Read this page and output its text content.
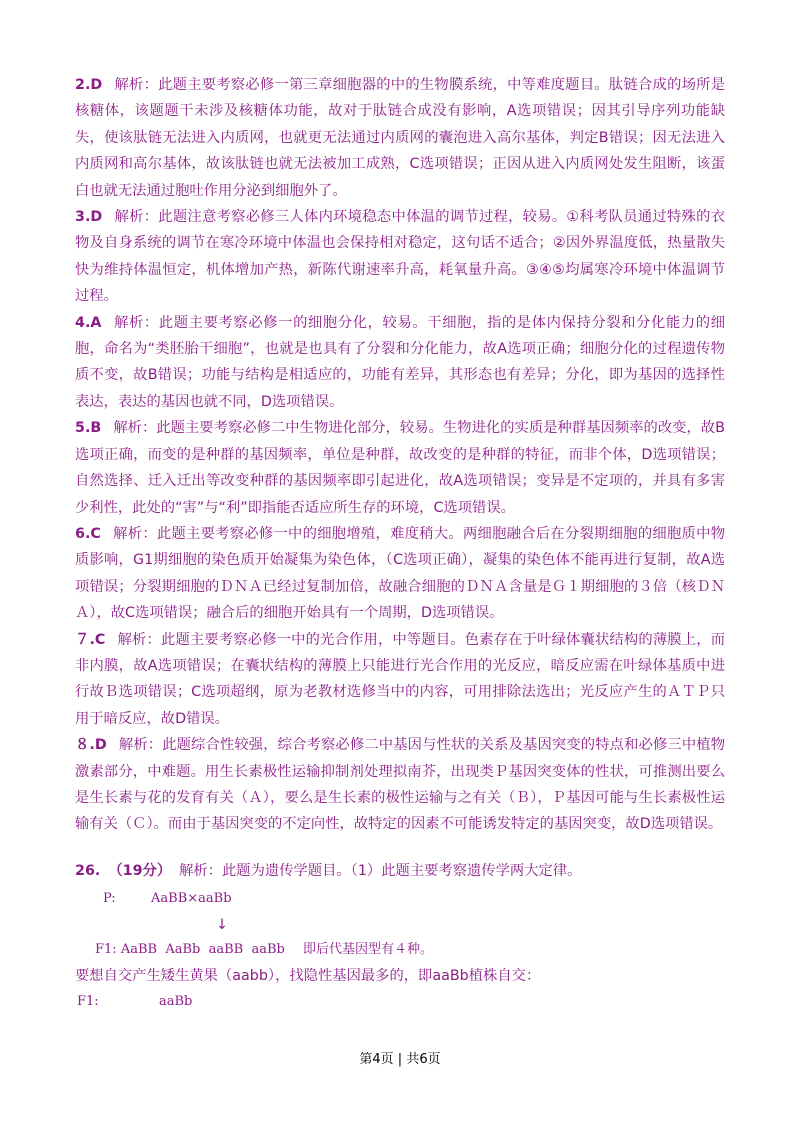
2.D 解析：此题主要考察必修一第三章细胞器的中的生物膜系统，中等难度题目。肽链合成的场所是核糖体，该题题干未涉及核糖体功能，故对于肽链合成没有影响，A选项错误；因其引导序列功能缺失，使该肽链无法进入内质网，也就更无法通过内质网的囊泡进入高尔基体，判定B错误；因无法进入内质网和高尔基体，故该肽链也就无法被加工成熟，C选项错误；正因从进入内质网处发生阻断，该蛋白也就无法通过胞吐作用分泌到细胞外了。

3.D 解析：此题注意考察必修三人体内环境稳态中体温的调节过程，较易。①科考队员通过特殊的衣物及自身系统的调节在寒冷环境中体温也会保持相对稳定，这句话不适合；②因外界温度低，热量散失快为维持体温恒定，机体增加产热，新陈代谢速率升高，耗氧量升高。③④⑤均属寒冷环境中体温调节过程。

4.A 解析：此题主要考察必修一的细胞分化，较易。干细胞，指的是体内保持分裂和分化能力的细胞，命名为“类胚胎干细胞”，也就是也具有了分裂和分化能力，故A选项正确；细胞分化的过程遗传物质不变，故B错误；功能与结构是相适应的，功能有差异，其形态也有差异；分化，即为基因的选择性表达，表达的基因也就不同，D选项错误。

5.B 解析：此题主要考察必修二中生物进化部分，较易。生物进化的实质是种群基因频率的改变，故B选项正确，而变的是种群的基因频率，单位是种群，故改变的是种群的特征，而非个体，D选项错误；自然选择、迁入迁出等改变种群的基因频率即引起进化，故A选项错误；变异是不定项的，并具有多害少利性，此处的“害”与“利”即指能否适应所生存的环境，C选项错误。

6.C 解析：此题主要考察必修一中的细胞增殖，难度稍大。两细胞融合后在分裂期细胞的细胞质中物质影响，G1期细胞的染色质开始凝集为染色体，（C选项正确），凝集的染色体不能再进行复制，故A选项错误；分裂期细胞的ＤＮＡ已经过复制加倍，故融合细胞的ＤＮＡ含量是Ｇ１期细胞的３倍（核ＤＮＡ），故C选项错误；融合后的细胞开始具有一个周期，D选项错误。

７.C 解析：此题主要考察必修一中的光合作用，中等题目。色素存在于叶绿体囊状结构的薄膜上，而非内膜，故A选项错误；在囊状结构的薄膜上只能进行光合作用的光反应，暗反应需在叶绿体基质中进行故Ｂ选项错误；C选项超纲，原为老教材选修当中的内容，可用排除法选出；光反应产生的ＡＴＰ只用于暗反应，故D错误。

８.D 解析：此题综合性较强，综合考察必修二中基因与性状的关系及基因突变的特点和必修三中植物激素部分，中难题。用生长素极性运输抑制剂处理拟南芥，出现类Ｐ基因突变体的性状，可推测出要么是生长素与花的发育有关（Ａ），要么是生长素的极性运输与之有关（Ｂ），Ｐ基因可能与生长素极性运输有关（Ｃ）。而由于基因突变的不定向性，故特定的因素不可能诱发特定的基因突变，故D选项错误。

26. （19分） 解析：此题为遗传学题目。（1）此题主要考察遗传学两大定律。
P:	AaBB×aaBb
↓
F1: AaBB  AaBb  aaBB  aaBb 即后代基因型有４种。
要想自交产生矮生黄果（aabb），找隐性基因最多的，即aaBb植株自交：
F1:	aaBb
第4页 | 共6页
